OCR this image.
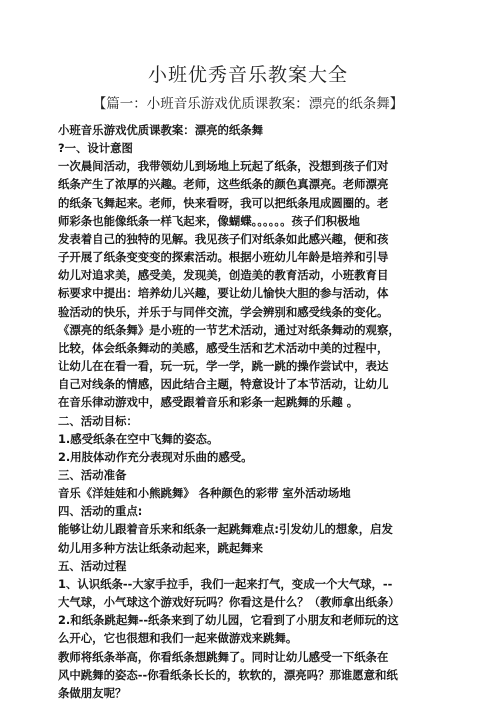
小班优秀音乐教案大全
【篇一：小班音乐游戏优质课教案：漂亮的纸条舞】
小班音乐游戏优质课教案：漂亮的纸条舞
?一、设计意图
一次晨间活动，我带领幼儿到场地上玩起了纸条，没想到孩子们对
纸条产生了浓厚的兴趣。老师，这些纸条的颜色真漂亮。老师漂亮
的纸条飞舞起来。老师，快来看呀，我可以把纸条甩成圆圈的。老
师彩条也能像纸条一样飞起来，像蝴蝶。。。。。。孩子们积极地
发表着自己的独特的见解。我见孩子们对纸条如此感兴趣，便和孩
子开展了纸条变变变的探索活动。根据小班幼儿年龄是培养和引导
幼儿对追求美，感受美，发现美，创造美的教育活动，小班教育目
标要求中提出：培养幼儿兴趣，要让幼儿愉快大胆的参与活动，体
验活动的快乐，并乐于与同伴交流，学会辨别和感受线条的变化。
《漂亮的纸条舞》是小班的一节艺术活动，通过对纸条舞动的观察，
比较，体会纸条舞动的美感，感受生活和艺术活动中美的过程中，
让幼儿在在看一看，玩一玩，学一学，跳一跳的操作尝试中，表达
自己对线条的情感，因此结合主题，特意设计了本节活动，让幼儿
在音乐律动游戏中，感受跟着音乐和彩条一起跳舞的乐趣 。
二、活动目标：
1.感受纸条在空中飞舞的姿态。
2.用肢体动作充分表现对乐曲的感受。
三、活动准备
音乐《洋娃娃和小熊跳舞》 各种颜色的彩带 室外活动场地
四、活动的重点:
能够让幼儿跟着音乐来和纸条一起跳舞难点:引发幼儿的想象，启发
幼儿用多种方法让纸条动起来，跳起舞来
五、活动过程
1、认识纸条--大家手拉手，我们一起来打气，变成一个大气球，--
大气球，小气球这个游戏好玩吗？你看这是什么？（教师拿出纸条）
2.和纸条跳起舞--纸条来到了幼儿园，它看到了小朋友和老师玩的这
么开心，它也很想和我们一起来做游戏来跳舞。
教师将纸条举高，你看纸条想跳舞了。同时让幼儿感受一下纸条在
风中跳舞的姿态--你看纸条长长的，软软的，漂亮吗？那谁愿意和纸
条做朋友呢？
